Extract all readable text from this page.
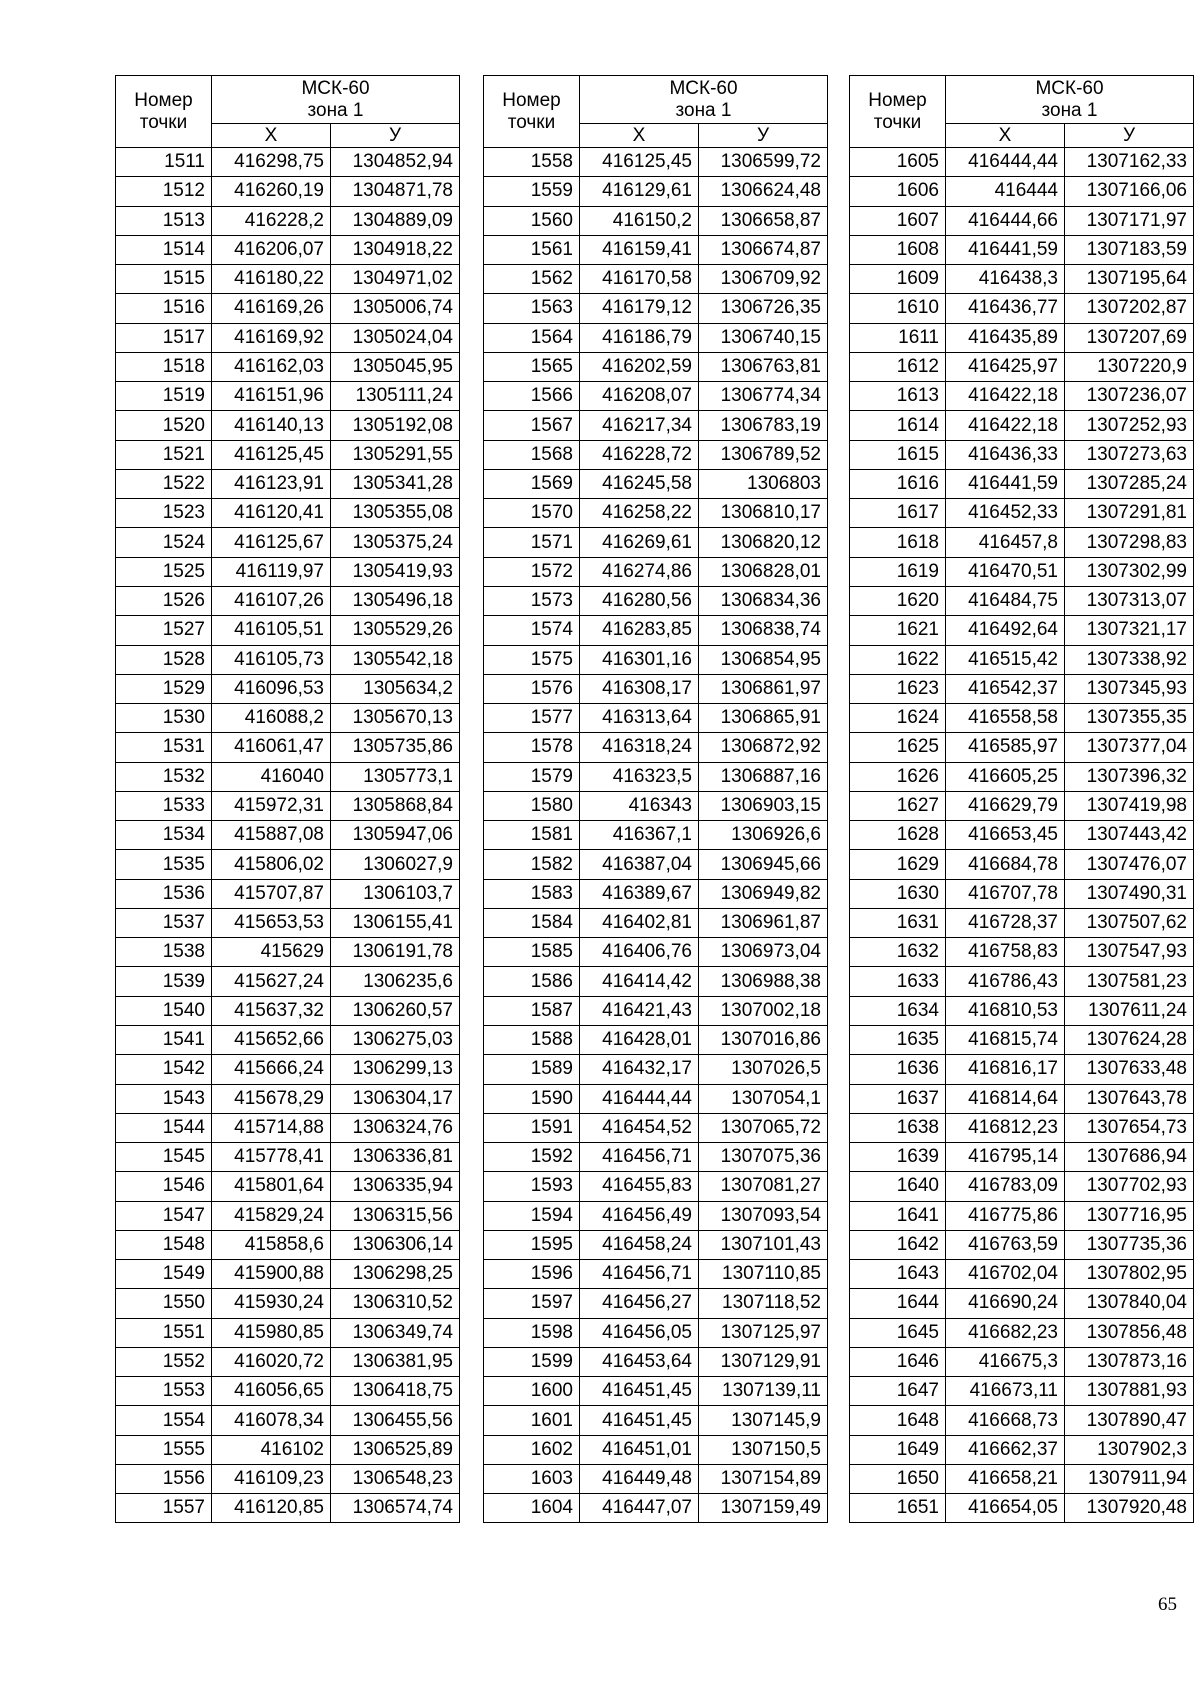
Номер
точки	МСК-60
зона 1	
	Х	У
1511	416298,75	1304852,94
1512	416260,19	1304871,78
1513	416228,2	1304889,09
1514	416206,07	1304918,22
1515	416180,22	1304971,02
1516	416169,26	1305006,74
1517	416169,92	1305024,04
1518	416162,03	1305045,95
1519	416151,96	1305111,24
1520	416140,13	1305192,08
1521	416125,45	1305291,55
1522	416123,91	1305341,28
1523	416120,41	1305355,08
1524	416125,67	1305375,24
1525	416119,97	1305419,93
1526	416107,26	1305496,18
1527	416105,51	1305529,26
1528	416105,73	1305542,18
1529	416096,53	1305634,2
1530	416088,2	1305670,13
1531	416061,47	1305735,86
1532	416040	1305773,1
1533	415972,31	1305868,84
1534	415887,08	1305947,06
1535	415806,02	1306027,9
1536	415707,87	1306103,7
1537	415653,53	1306155,41
1538	415629	1306191,78
1539	415627,24	1306235,6
1540	415637,32	1306260,57
1541	415652,66	1306275,03
1542	415666,24	1306299,13
1543	415678,29	1306304,17
1544	415714,88	1306324,76
1545	415778,41	1306336,81
1546	415801,64	1306335,94
1547	415829,24	1306315,56
1548	415858,6	1306306,14
1549	415900,88	1306298,25
1550	415930,24	1306310,52
1551	415980,85	1306349,74
1552	416020,72	1306381,95
1553	416056,65	1306418,75
1554	416078,34	1306455,56
1555	416102	1306525,89
1556	416109,23	1306548,23
1557	416120,85	1306574,74
Номер
точки	МСК-60
зона 1	
	Х	У
1558	416125,45	1306599,72
1559	416129,61	1306624,48
1560	416150,2	1306658,87
1561	416159,41	1306674,87
1562	416170,58	1306709,92
1563	416179,12	1306726,35
1564	416186,79	1306740,15
1565	416202,59	1306763,81
1566	416208,07	1306774,34
1567	416217,34	1306783,19
1568	416228,72	1306789,52
1569	416245,58	1306803
1570	416258,22	1306810,17
1571	416269,61	1306820,12
1572	416274,86	1306828,01
1573	416280,56	1306834,36
1574	416283,85	1306838,74
1575	416301,16	1306854,95
1576	416308,17	1306861,97
1577	416313,64	1306865,91
1578	416318,24	1306872,92
1579	416323,5	1306887,16
1580	416343	1306903,15
1581	416367,1	1306926,6
1582	416387,04	1306945,66
1583	416389,67	1306949,82
1584	416402,81	1306961,87
1585	416406,76	1306973,04
1586	416414,42	1306988,38
1587	416421,43	1307002,18
1588	416428,01	1307016,86
1589	416432,17	1307026,5
1590	416444,44	1307054,1
1591	416454,52	1307065,72
1592	416456,71	1307075,36
1593	416455,83	1307081,27
1594	416456,49	1307093,54
1595	416458,24	1307101,43
1596	416456,71	1307110,85
1597	416456,27	1307118,52
1598	416456,05	1307125,97
1599	416453,64	1307129,91
1600	416451,45	1307139,11
1601	416451,45	1307145,9
1602	416451,01	1307150,5
1603	416449,48	1307154,89
1604	416447,07	1307159,49
Номер
точки	МСК-60
зона 1	
	Х	У
1605	416444,44	1307162,33
1606	416444	1307166,06
1607	416444,66	1307171,97
1608	416441,59	1307183,59
1609	416438,3	1307195,64
1610	416436,77	1307202,87
1611	416435,89	1307207,69
1612	416425,97	1307220,9
1613	416422,18	1307236,07
1614	416422,18	1307252,93
1615	416436,33	1307273,63
1616	416441,59	1307285,24
1617	416452,33	1307291,81
1618	416457,8	1307298,83
1619	416470,51	1307302,99
1620	416484,75	1307313,07
1621	416492,64	1307321,17
1622	416515,42	1307338,92
1623	416542,37	1307345,93
1624	416558,58	1307355,35
1625	416585,97	1307377,04
1626	416605,25	1307396,32
1627	416629,79	1307419,98
1628	416653,45	1307443,42
1629	416684,78	1307476,07
1630	416707,78	1307490,31
1631	416728,37	1307507,62
1632	416758,83	1307547,93
1633	416786,43	1307581,23
1634	416810,53	1307611,24
1635	416815,74	1307624,28
1636	416816,17	1307633,48
1637	416814,64	1307643,78
1638	416812,23	1307654,73
1639	416795,14	1307686,94
1640	416783,09	1307702,93
1641	416775,86	1307716,95
1642	416763,59	1307735,36
1643	416702,04	1307802,95
1644	416690,24	1307840,04
1645	416682,23	1307856,48
1646	416675,3	1307873,16
1647	416673,11	1307881,93
1648	416668,73	1307890,47
1649	416662,37	1307902,3
1650	416658,21	1307911,94
1651	416654,05	1307920,48
65
